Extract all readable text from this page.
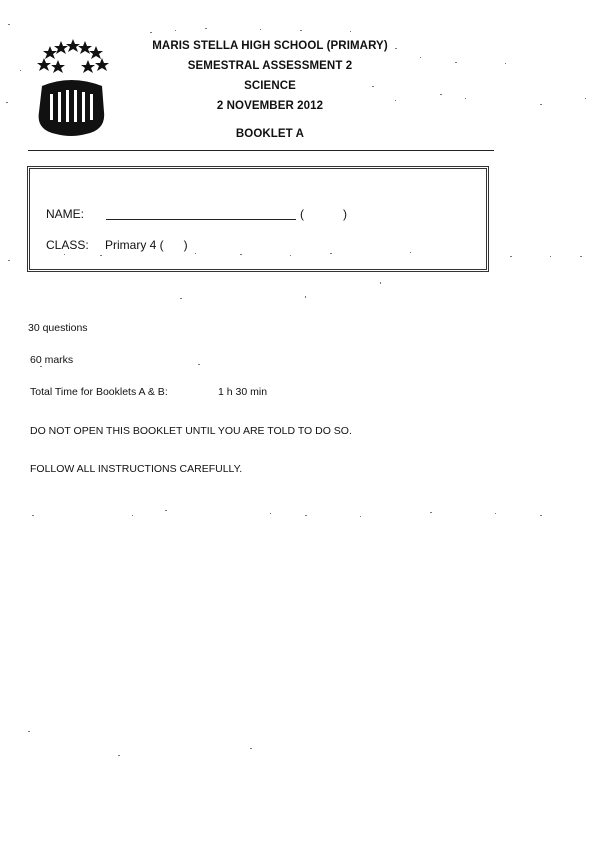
MARIS STELLA HIGH SCHOOL (PRIMARY)
SEMESTRAL ASSESSMENT 2
SCIENCE
2 NOVEMBER 2012
BOOKLET A
NAME:	(	)
CLASS: Primary 4 (      )
30 questions
60 marks
Total Time for Booklets A & B:	1 h 30 min
DO NOT OPEN THIS BOOKLET UNTIL YOU ARE TOLD TO DO SO.
FOLLOW ALL INSTRUCTIONS CAREFULLY.
